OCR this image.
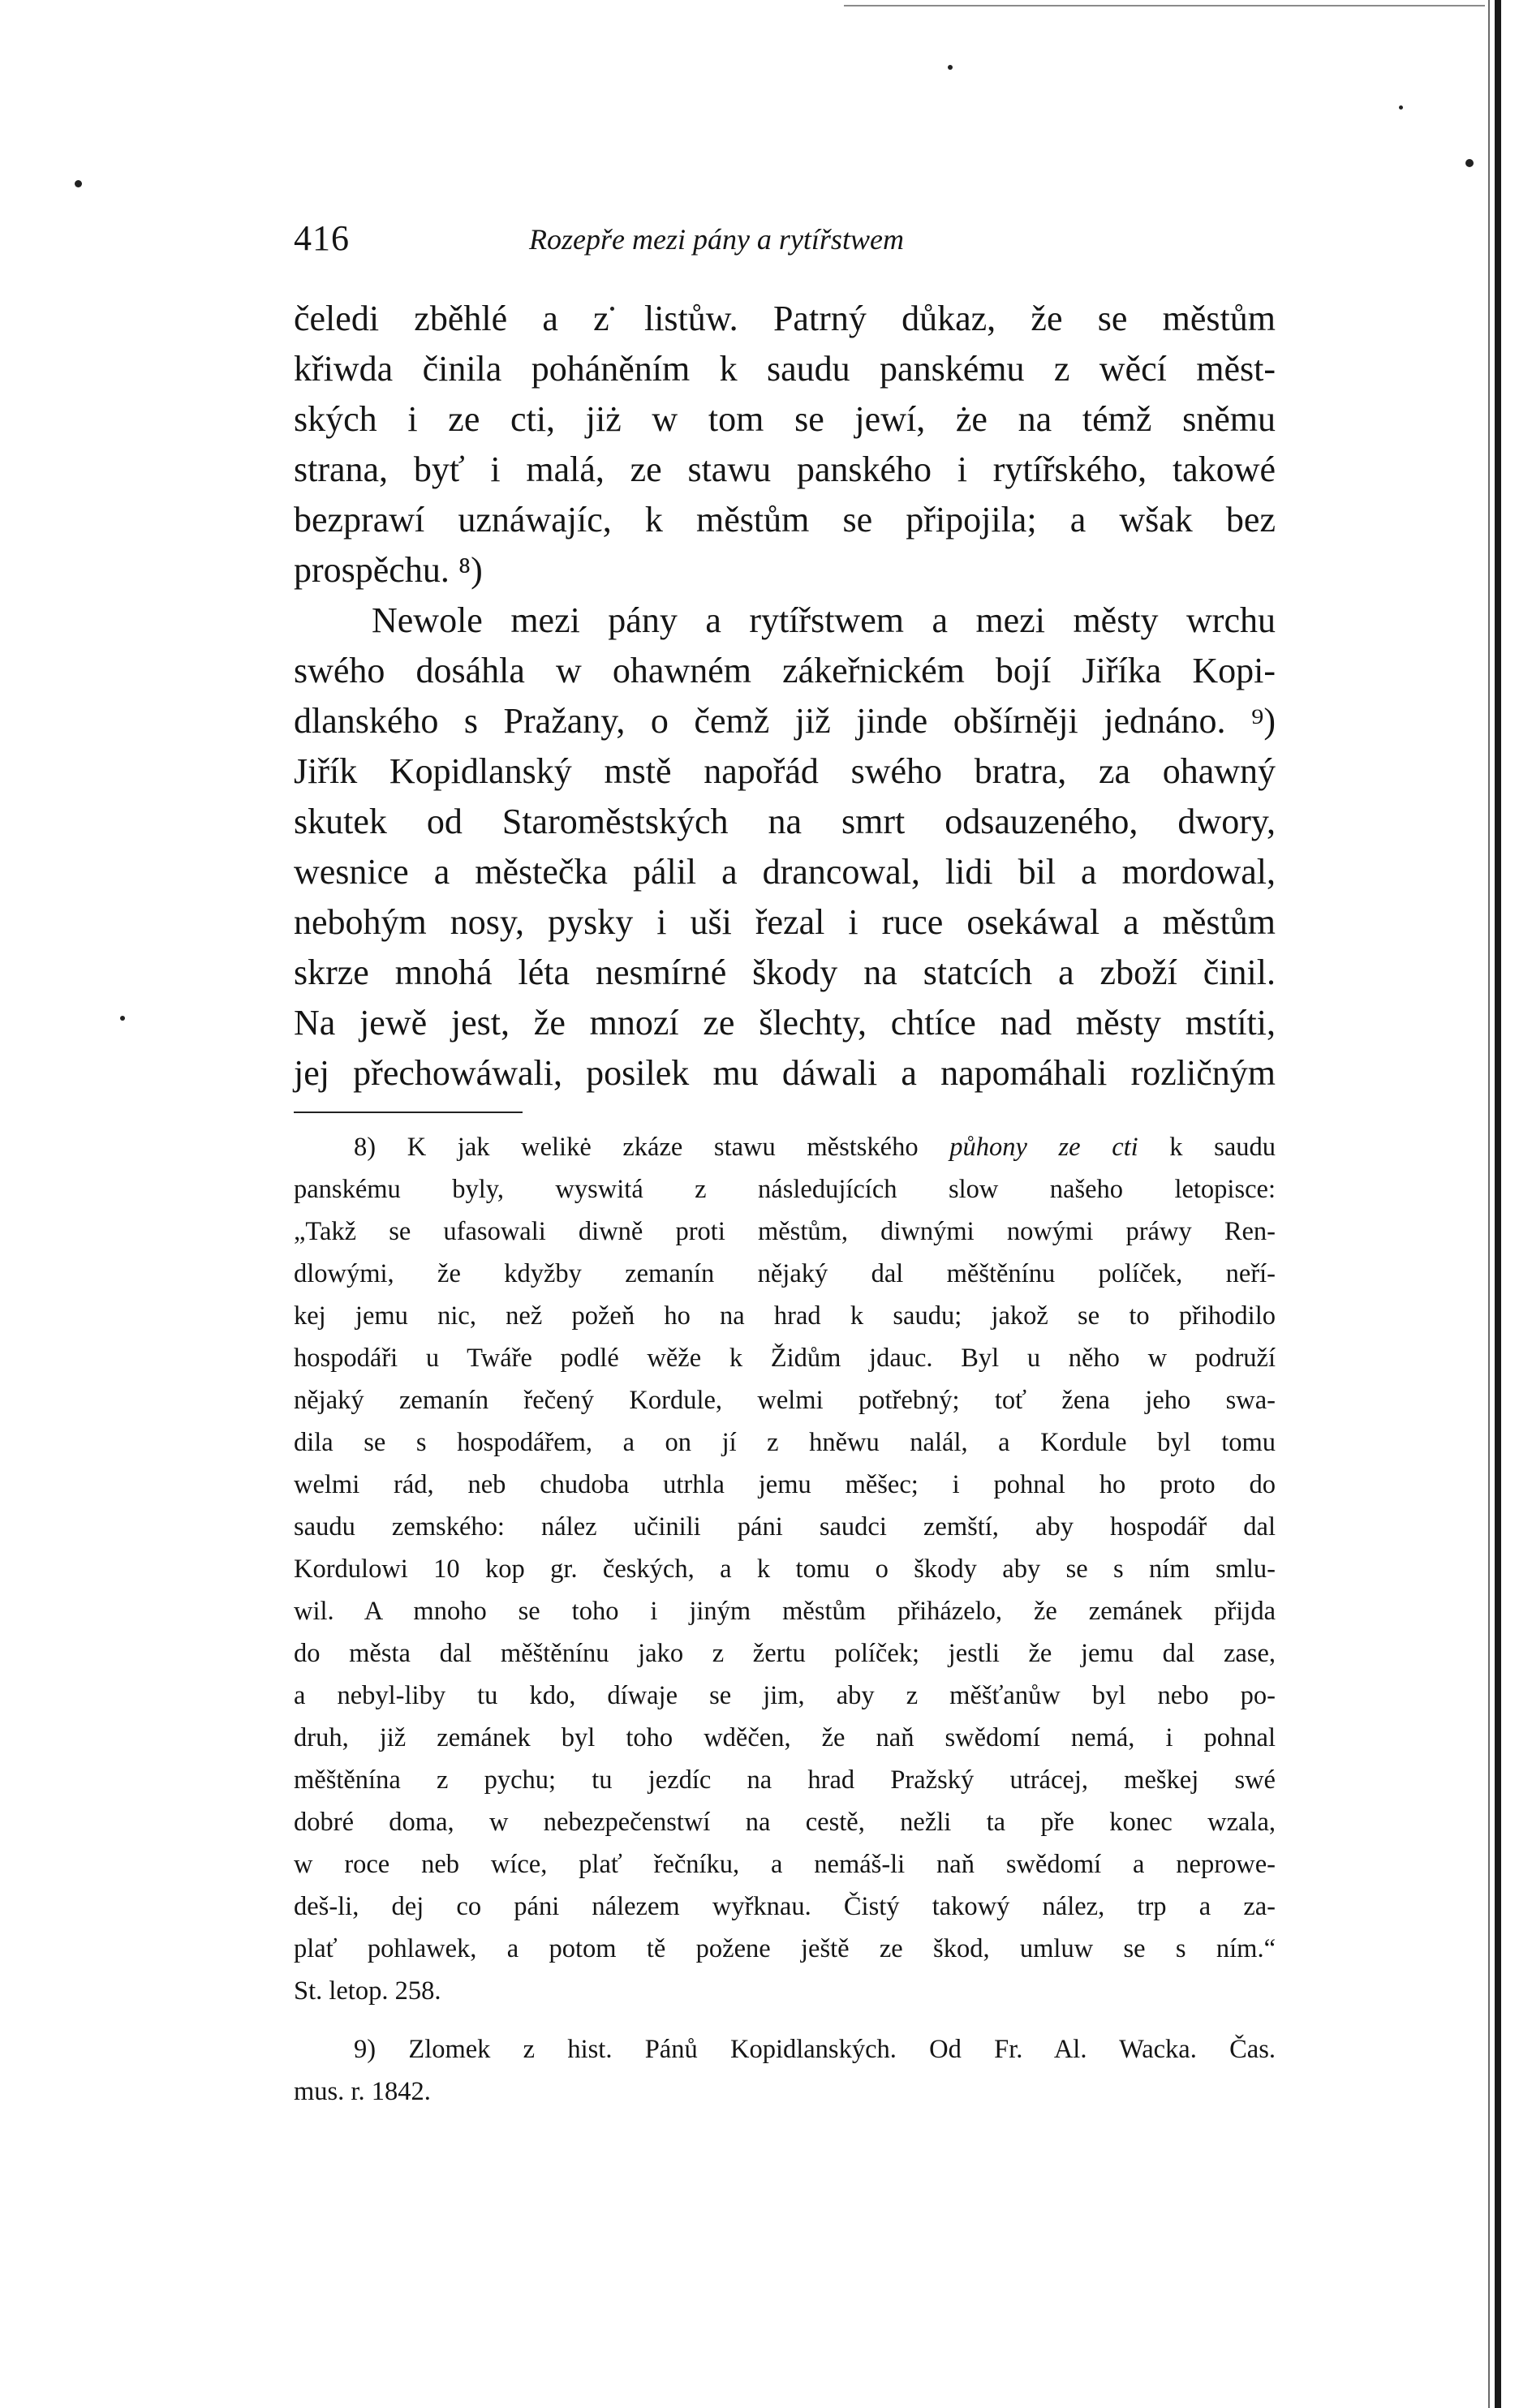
416	Rozepře mezi pány a rytířstwem
čeledi zběhlé a z listůw. Patrný důkaz, že se městům
křiwda činila poháněním k saudu panskému z wěcí měst-
ských i ze cti, jiż w tom se jewí, że na témž sněmu
strana, byť i malá, ze stawu panského i rytířského, takowé
bezprawí uznáwajíc, k městům se připojila; a wšak bez
prospěchu. ⁸)
Newole mezi pány a rytířstwem a mezi městy wrchu
swého dosáhla w ohawném zákeřnickém bojí Jiříka Kopi-
dlanského s Pražany, o čemž již jinde obšírněji jednáno. ⁹)
Jiřík Kopidlanský mstě napořád swého bratra, za ohawný
skutek od Staroměstských na smrt odsauzeného, dwory,
wesnice a městečka pálil a drancowal, lidi bil a mordowal,
nebohým nosy, pysky i uši řezal i ruce osekáwal a městům
skrze mnohá léta nesmírné škody na statcích a zboží činil.
Na jewě jest, že mnozí ze šlechty, chtíce nad městy mstíti,
jej přechowáwali, posilek mu dáwali a napomáhali rozličným
8) K jak welikė zkáze stawu městského půhony ze cti k saudu
panskému byly, wyswitá z následujících slow našeho letopisce:
„Takž se ufasowali diwně proti městům, diwnými nowými práwy Ren-
dlowými, že kdyžby zemanín nějaký dal měštěnínu políček, neří-
kej jemu nic, než požeň ho na hrad k saudu; jakož se to přihodilo
hospodáři u Twáře podlé wěže k Židům jdauc. Byl u něho w podruží
nějaký zemanín řečený Kordule, welmi potřebný; toť žena jeho swa-
dila se s hospodářem, a on jí z hněwu nalál, a Kordule byl tomu
welmi rád, neb chudoba utrhla jemu měšec; i pohnal ho proto do
saudu zemského: nález učinili páni saudci zemští, aby hospodář dal
Kordulowi 10 kop gr. českých, a k tomu o škody aby se s ním smlu-
wil. A mnoho se toho i jiným městům přiházelo, že zemánek přijda
do města dal měštěnínu jako z žertu políček; jestli že jemu dal zase,
a nebyl-liby tu kdo, díwaje se jim, aby z měšťanůw byl nebo po-
druh, již zemánek byl toho wděčen, že naň swědomí nemá, i pohnal
měštěnína z pychu; tu jezdíc na hrad Pražský utrácej, meškej swé
dobré doma, w nebezpečenstwí na cestě, nežli ta pře konec wzala,
w roce neb wíce, plať řečníku, a nemáš-li naň swědomí a neprowe-
deš-li, dej co páni nálezem wyřknau. Čistý takowý nález, trp a za-
plať pohlawek, a potom tě požene ještě ze škod, umluw se s ním.“
St. letop. 258.
9) Zlomek z hist. Pánů Kopidlanských. Od Fr. Al. Wacka. Čas.
mus. r. 1842.
